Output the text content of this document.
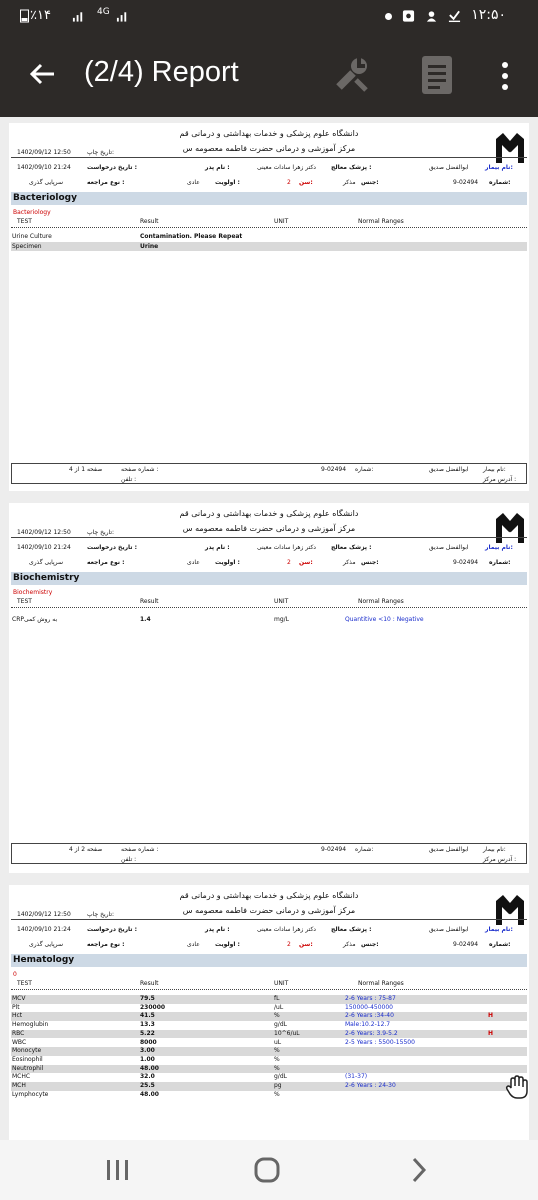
٪۱۴	4G	۱۲:۵۰
(2/4) Report
دانشگاه علوم پزشکی و خدمات بهداشتی و درمانی قم
مرکز آموزشی و درمانی حضرت فاطمه معصومه س
1402/09/12 12:50	تاریخ چاپ:
1402/09/10 21:24	تاریخ درخواست :	نام پدر :	دکتر زهرا سادات معینی	پزشک معالج :	ابوالفضل صدیق	نام بیمار:
سرپایی گذری	نوع مراجعه :	عادی	اولویت :	2 سن:	مذکر جنس:	9-02494 شماره:
Bacteriology
Bacteriology
TEST	Result	UNIT	Normal Ranges
Urine Culture	Contamination. Please Repeat
Specimen	Urine
صفحه 1 از 4	شماره صفحه :
تلفن :
9-02494 شماره:	ابوالفضل صدیق نام بیمار:
آدرس مرکز :
دانشگاه علوم پزشکی و خدمات بهداشتی و درمانی قم
مرکز آموزشی و درمانی حضرت فاطمه معصومه س
1402/09/12 12:50	تاریخ چاپ:
1402/09/10 21:24	تاریخ درخواست :	نام پدر :	دکتر زهرا سادات معینی	پزشک معالج :	ابوالفضل صدیق	نام بیمار:
سرپایی گذری	نوع مراجعه :	عادی	اولویت :	2 سن:	مذکر جنس:	9-02494 شماره:
Biochemistry
Biochemistry
TEST	Result	UNIT	Normal Ranges
CRPبه روش کمی	1.4	mg/L	Quantitive <10 : Negative
صفحه 2 از 4	شماره صفحه :
تلفن :
9-02494 شماره:	ابوالفضل صدیق نام بیمار:
آدرس مرکز :
دانشگاه علوم پزشکی و خدمات بهداشتی و درمانی قم
مرکز آموزشی و درمانی حضرت فاطمه معصومه س
1402/09/12 12:50	تاریخ چاپ:
1402/09/10 21:24	تاریخ درخواست :	نام پدر :	دکتر زهرا سادات معینی	پزشک معالج :	ابوالفضل صدیق	نام بیمار:
سرپایی گذری	نوع مراجعه :	عادی	اولویت :	2 سن:	مذکر جنس:	9-02494 شماره:
Hematology
0
TEST	Result	UNIT	Normal Ranges
MCV	79.5	fL	2-6 Years : 75-87
Plt	230000	/uL	150000-450000
Hct	41.5	%	2-6 Years :34-40	H
Hemoglubin	13.3	g/dL	Male:10.2-12.7
RBC	5.22	10^6/uL	2-6 Years: 3.9-5.2	H
WBC	8000	uL	2-5 Years : 5500-15500
Monocyte	3.00	%
Eosinophil	1.00	%
Neutrophil	48.00	%
MCHC	32.0	g/dL	(31-37)
MCH	25.5	pg	2-6 Years : 24-30
Lymphocyte	48.00	%
